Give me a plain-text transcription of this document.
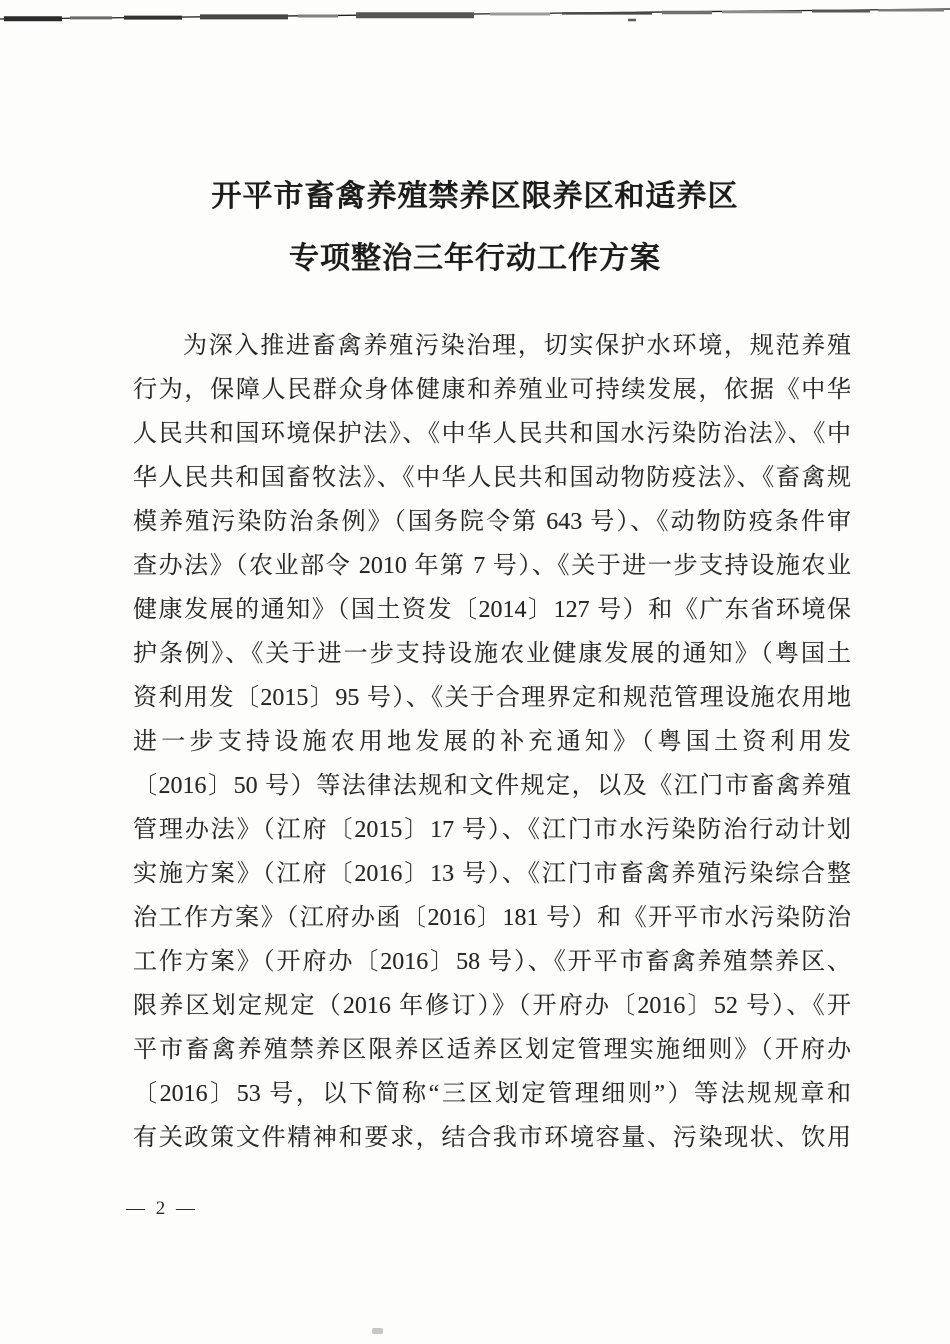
开平市畜禽养殖禁养区限养区和适养区
专项整治三年行动工作方案
为深入推进畜禽养殖污染治理，切实保护水环境，规范养殖
行为，保障人民群众身体健康和养殖业可持续发展，依据《中华
人民共和国环境保护法》、《中华人民共和国水污染防治法》、《中
华人民共和国畜牧法》、《中华人民共和国动物防疫法》、《畜禽规
模养殖污染防治条例》（国务院令第 643 号）、《动物防疫条件审
查办法》（农业部令 2010 年第 7 号）、《关于进一步支持设施农业
健康发展的通知》（国土资发〔2014〕127 号）和《广东省环境保
护条例》、《关于进一步支持设施农业健康发展的通知》（粤国土
资利用发〔2015〕95 号）、《关于合理界定和规范管理设施农用地
进一步支持设施农用地发展的补充通知》（粤国土资利用发
〔2016〕50 号）等法律法规和文件规定，以及《江门市畜禽养殖
管理办法》（江府〔2015〕17 号）、《江门市水污染防治行动计划
实施方案》（江府〔2016〕13 号）、《江门市畜禽养殖污染综合整
治工作方案》（江府办函〔2016〕181 号）和《开平市水污染防治
工作方案》（开府办〔2016〕58 号）、《开平市畜禽养殖禁养区、
限养区划定规定（2016 年修订）》（开府办〔2016〕52 号）、《开
平市畜禽养殖禁养区限养区适养区划定管理实施细则》（开府办
〔2016〕53 号，以下简称“三区划定管理细则”）等法规规章和
有关政策文件精神和要求，结合我市环境容量、污染现状、饮用
— 2 —
